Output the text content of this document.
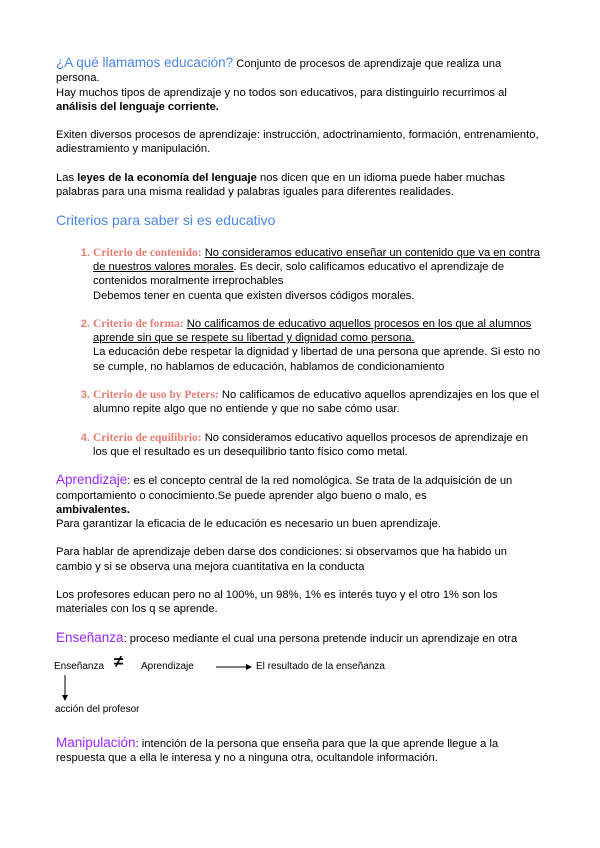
¿A qué llamamos educación? Conjunto de procesos de aprendizaje que realiza una persona.
Hay muchos tipos de aprendizaje y no todos son educativos, para distinguirlo recurrimos al análisis del lenguaje corriente.

Exiten diversos procesos de aprendizaje: instrucción, adoctrinamiento, formación, entrenamiento, adiestramiento y manipulación.

Las leyes de la economía del lenguaje nos dicen que en un idioma puede haber muchas palabras para una misma realidad y palabras iguales para diferentes realidades.

Criterios para saber si es educativo

1. Criterio de contenido: No consideramos educativo enseñar un contenido que va en contra de nuestros valores morales. Es decir, solo calificamos educativo el aprendizaje de contenidos moralmente irreprochables
Debemos tener en cuenta que existen diversos códigos morales.
2. Criterio de forma: No calificamos de educativo aquellos procesos en los que al alumnos aprende sin que se respete su libertad y dignidad como persona.
La educación debe respetar la dignidad y libertad de una persona que aprende. Si esto no se cumple, no hablamos de educación, hablamos de condicionamiento
3. Criterio de uso by Peters: No calificamos de educativo aquellos aprendizajes en los que el alumno repite algo que no entiende y que no sabe cómo usar.
4. Criterio de equilibrio: No consideramos educativo aquellos procesos de aprendizaje en los que el resultado es un desequilibrio tanto físico como metal.

Aprendizaje: es el concepto central de la red nomológica. Se trata de la adquisición de un comportamiento o conocimiento.Se puede aprender algo bueno o malo, es
ambivalentes.
Para garantizar la eficacia de le educación es necesario un buen aprendizaje.

Para hablar de aprendizaje deben darse dos condiciones: si observamos que ha habido un cambio y si se observa una mejora cuantitativa en la conducta

Los profesores educan pero no al 100%, un 98%, 1% es interés tuyo y el otro 1% son los materiales con los q se aprende.

Enseñanza: proceso mediante el cual una persona pretende inducir un aprendizaje en otra

Enseñanza ≠ Aprendizaje	El resultado de la enseñanza
acción del profesor

Manipulación: intención de la persona que enseña para que la que aprende llegue a la respuesta que a ella le interesa y no a ninguna otra, ocultandole información.
